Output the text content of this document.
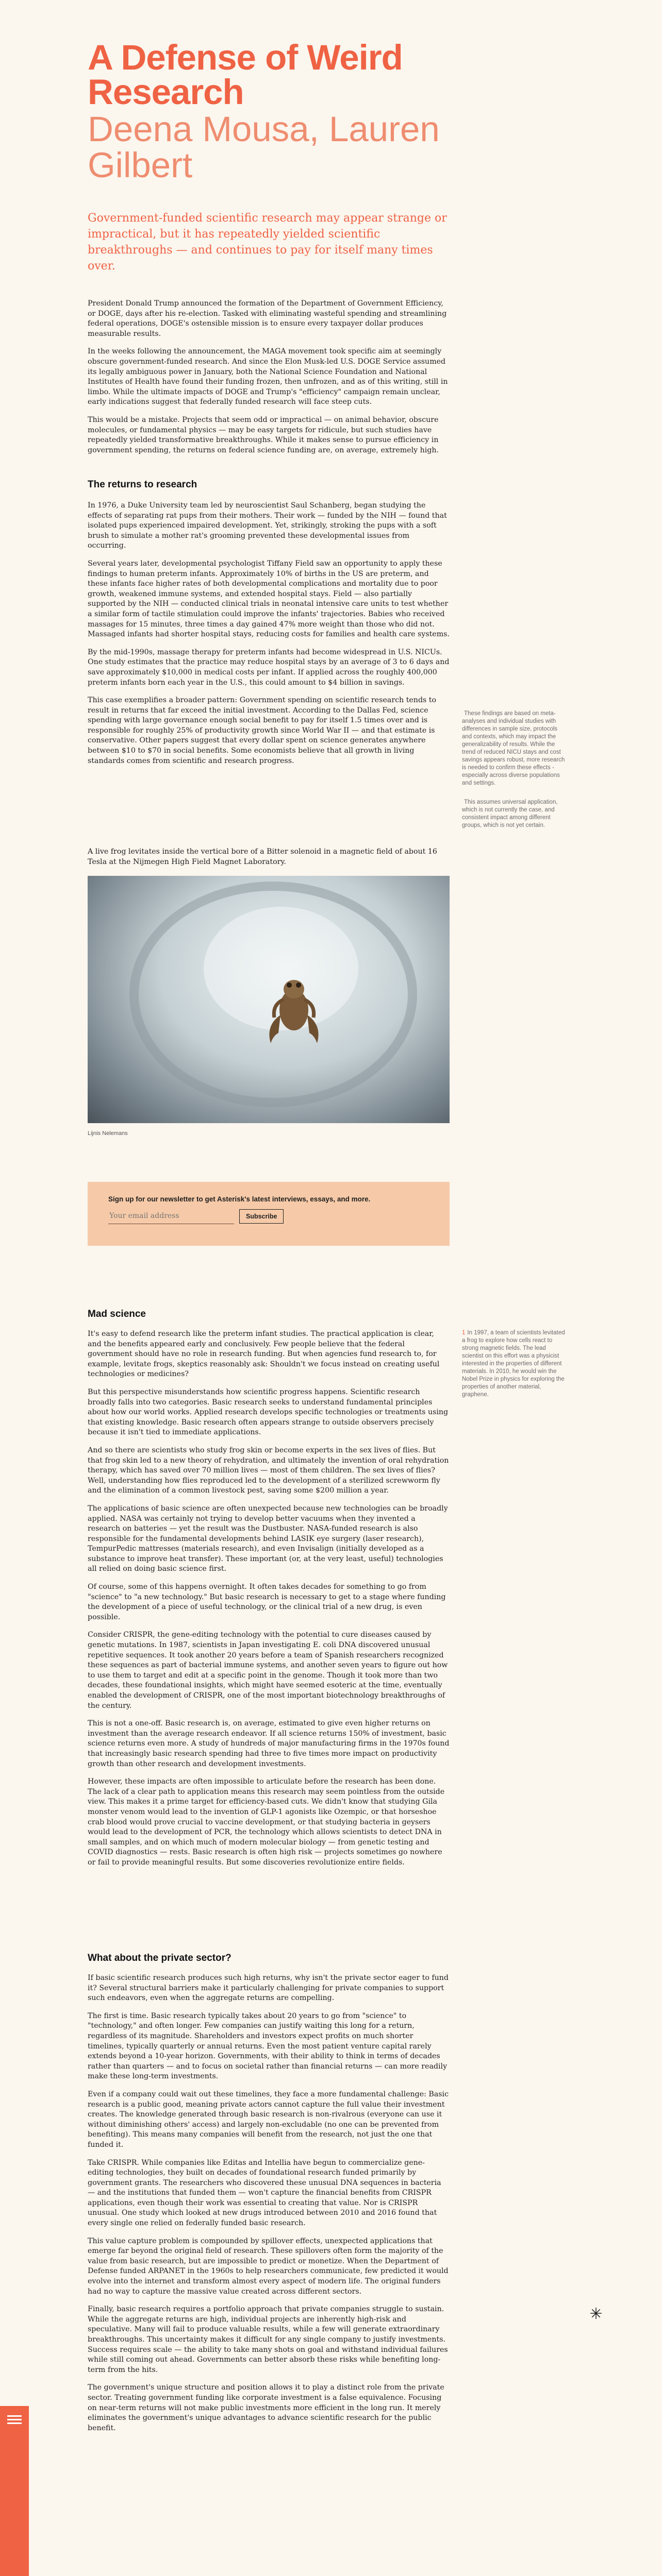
A Defense of Weird Research
Deena Mousa, Lauren Gilbert

Government-funded scientific research may appear strange or impractical, but it has repeatedly yielded scientific breakthroughs — and continues to pay for itself many times over.

President Donald Trump announced the formation of the Department of Government Efficiency, or DOGE, days after his re-election. Tasked with eliminating wasteful spending and streamlining federal operations, DOGE's ostensible mission is to ensure every taxpayer dollar produces measurable results.

In the weeks following the announcement, the MAGA movement took specific aim at seemingly obscure government-funded research. And since the Elon Musk-led U.S. DOGE Service assumed its legally ambiguous power in January, both the National Science Foundation and National Institutes of Health have found their funding frozen, then unfrozen, and as of this writing, still in limbo. While the ultimate impacts of DOGE and Trump's "efficiency" campaign remain unclear, early indications suggest that federally funded research will face steep cuts.

This would be a mistake. Projects that seem odd or impractical — on animal behavior, obscure molecules, or fundamental physics — may be easy targets for ridicule, but such studies have repeatedly yielded transformative breakthroughs. While it makes sense to pursue efficiency in government spending, the returns on federal science funding are, on average, extremely high.

The returns to research

In 1976, a Duke University team led by neuroscientist Saul Schanberg, began studying the effects of separating rat pups from their mothers. Their work — funded by the NIH — found that isolated pups experienced impaired development. Yet, strikingly, stroking the pups with a soft brush to simulate a mother rat's grooming prevented these developmental issues from occurring.

Several years later, developmental psychologist Tiffany Field saw an opportunity to apply these findings to human preterm infants. Approximately 10% of births in the US are preterm, and these infants face higher rates of both developmental complications and mortality due to poor growth, weakened immune systems, and extended hospital stays. Field — also partially supported by the NIH — conducted clinical trials in neonatal intensive care units to test whether a similar form of tactile stimulation could improve the infants' trajectories. Babies who received massages for 15 minutes, three times a day gained 47% more weight than those who did not. Massaged infants had shorter hospital stays, reducing costs for families and health care systems.

By the mid-1990s, massage therapy for preterm infants had become widespread in U.S. NICUs. One study estimates that the practice may reduce hospital stays by an average of 3 to 6 days and save approximately $10,000 in medical costs per infant. If applied across the roughly 400,000 preterm infants born each year in the U.S., this could amount to $4 billion in savings.

This case exemplifies a broader pattern: Government spending on scientific research tends to result in returns that far exceed the initial investment. According to the Dallas Fed, science spending with large governance enough social benefit to pay for itself 1.5 times over and is responsible for roughly 25% of productivity growth since World War II — and that estimate is conservative. Other papers suggest that every dollar spent on science generates anywhere between $10 to $70 in social benefits. Some economists believe that all growth in living standards comes from scientific and research progress.

These findings are based on meta-analyses and individual studies with differences in sample size, protocols and contexts, which may impact the generalizability of results. While the trend of reduced NICU stays and cost savings appears robust, more research is needed to confirm these effects - especially across diverse populations and settings.
This assumes universal application, which is not currently the case, and consistent impact among different groups, which is not yet certain.
1 In 1997, a team of scientists levitated a frog to explore how cells react to strong magnetic fields. The lead scientist on this effort was a physicist interested in the properties of different materials. In 2010, he would win the Nobel Prize in physics for exploring the properties of another material, graphene.

A live frog levitates inside the vertical bore of a Bitter solenoid in a magnetic field of about 16 Tesla at the Nijmegen High Field Magnet Laboratory.

Lijnis Nelemans

Sign up for our newsletter to get Asterisk's latest interviews, essays, and more.

Your email address
Subscribe
Mad science

It's easy to defend research like the preterm infant studies. The practical application is clear, and the benefits appeared early and conclusively. Few people believe that the federal government should have no role in research funding. But when agencies fund research to, for example, levitate frogs, skeptics reasonably ask: Shouldn't we focus instead on creating useful technologies or medicines?

But this perspective misunderstands how scientific progress happens. Scientific research broadly falls into two categories. Basic research seeks to understand fundamental principles about how our world works. Applied research develops specific technologies or treatments using that existing knowledge. Basic research often appears strange to outside observers precisely because it isn't tied to immediate applications.

And so there are scientists who study frog skin or become experts in the sex lives of flies. But that frog skin led to a new theory of rehydration, and ultimately the invention of oral rehydration therapy, which has saved over 70 million lives — most of them children. The sex lives of flies? Well, understanding how flies reproduced led to the development of a sterilized screwworm fly and the elimination of a common livestock pest, saving some $200 million a year.

The applications of basic science are often unexpected because new technologies can be broadly applied. NASA was certainly not trying to develop better vacuums when they invented a research on batteries — yet the result was the Dustbuster. NASA-funded research is also responsible for the fundamental developments behind LASIK eye surgery (laser research), TempurPedic mattresses (materials research), and even Invisalign (initially developed as a substance to improve heat transfer). These important (or, at the very least, useful) technologies all relied on doing basic science first.

Of course, some of this happens overnight. It often takes decades for something to go from "science" to "a new technology." But basic research is necessary to get to a stage where funding the development of a piece of useful technology, or the clinical trial of a new drug, is even possible.

Consider CRISPR, the gene-editing technology with the potential to cure diseases caused by genetic mutations. In 1987, scientists in Japan investigating E. coli DNA discovered unusual repetitive sequences. It took another 20 years before a team of Spanish researchers recognized these sequences as part of bacterial immune systems, and another seven years to figure out how to use them to target and edit at a specific point in the genome. Though it took more than two decades, these foundational insights, which might have seemed esoteric at the time, eventually enabled the development of CRISPR, one of the most important biotechnology breakthroughs of the century.

This is not a one-off. Basic research is, on average, estimated to give even higher returns on investment than the average research endeavor. If all science returns 150% of investment, basic science returns even more. A study of hundreds of major manufacturing firms in the 1970s found that increasingly basic research spending had three to five times more impact on productivity growth than other research and development investments.

However, these impacts are often impossible to articulate before the research has been done. The lack of a clear path to application means this research may seem pointless from the outside view. This makes it a prime target for efficiency-based cuts. We didn't know that studying Gila monster venom would lead to the invention of GLP-1 agonists like Ozempic, or that horseshoe crab blood would prove crucial to vaccine development, or that studying bacteria in geysers would lead to the development of PCR, the technology which allows scientists to detect DNA in small samples, and on which much of modern molecular biology — from genetic testing and COVID diagnostics — rests. Basic research is often high risk — projects sometimes go nowhere or fail to provide meaningful results. But some discoveries revolutionize entire fields.

What about the private sector?

If basic scientific research produces such high returns, why isn't the private sector eager to fund it? Several structural barriers make it particularly challenging for private companies to support such endeavors, even when the aggregate returns are compelling.

The first is time. Basic research typically takes about 20 years to go from "science" to "technology," and often longer. Few companies can justify waiting this long for a return, regardless of its magnitude. Shareholders and investors expect profits on much shorter timelines, typically quarterly or annual returns. Even the most patient venture capital rarely extends beyond a 10-year horizon. Governments, with their ability to think in terms of decades rather than quarters — and to focus on societal rather than financial returns — can more readily make these long-term investments.

Even if a company could wait out these timelines, they face a more fundamental challenge: Basic research is a public good, meaning private actors cannot capture the full value their investment creates. The knowledge generated through basic research is non-rivalrous (everyone can use it without diminishing others' access) and largely non-excludable (no one can be prevented from benefiting). This means many companies will benefit from the research, not just the one that funded it.

Take CRISPR. While companies like Editas and Intellia have begun to commercialize gene-editing technologies, they built on decades of foundational research funded primarily by government grants. The researchers who discovered these unusual DNA sequences in bacteria — and the institutions that funded them — won't capture the financial benefits from CRISPR applications, even though their work was essential to creating that value. Nor is CRISPR unusual. One study which looked at new drugs introduced between 2010 and 2016 found that every single one relied on federally funded basic research.

This value capture problem is compounded by spillover effects, unexpected applications that emerge far beyond the original field of research. These spillovers often form the majority of the value from basic research, but are impossible to predict or monetize. When the Department of Defense funded ARPANET in the 1960s to help researchers communicate, few predicted it would evolve into the internet and transform almost every aspect of modern life. The original funders had no way to capture the massive value created across different sectors.

Finally, basic research requires a portfolio approach that private companies struggle to sustain. While the aggregate returns are high, individual projects are inherently high-risk and speculative. Many will fail to produce valuable results, while a few will generate extraordinary breakthroughs. This uncertainty makes it difficult for any single company to justify investments. Success requires scale — the ability to take many shots on goal and withstand individual failures while still coming out ahead. Governments can better absorb these risks while benefiting long-term from the hits.

The government's unique structure and position allows it to play a distinct role from the private sector. Treating government funding like corporate investment is a false equivalence. Focusing on near-term returns will not make public investments more efficient in the long run. It merely eliminates the government's unique advantages to advance scientific research for the public benefit.

✳
